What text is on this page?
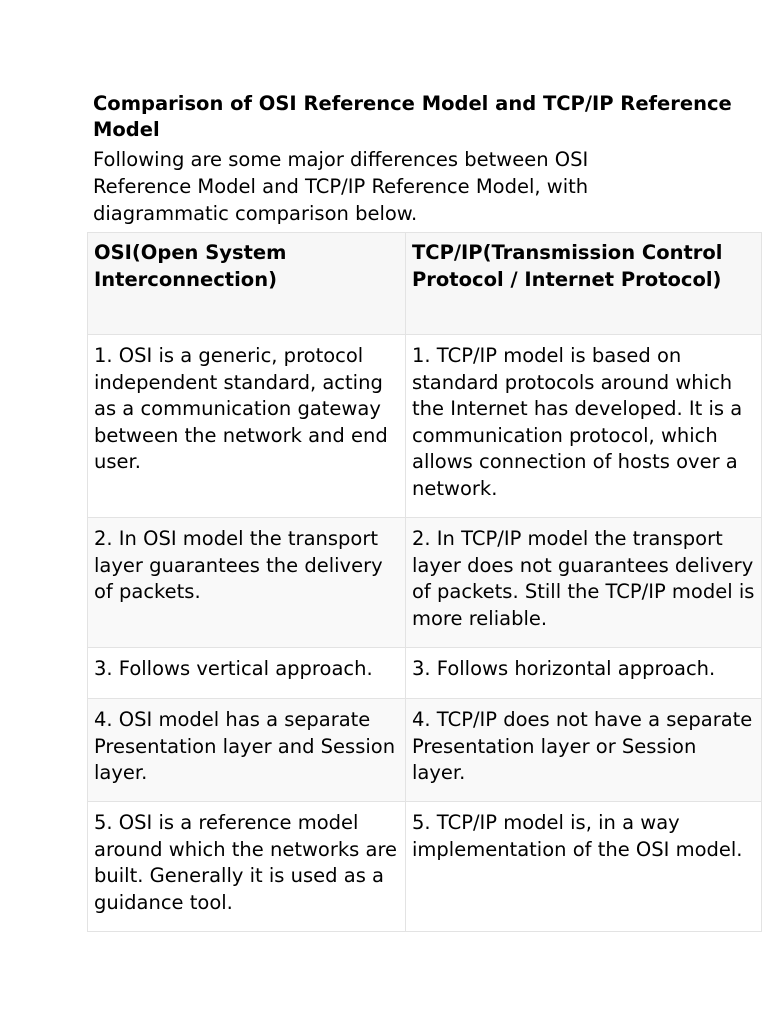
Comparison of OSI Reference Model and TCP/IP Reference Model

Following are some major differences between OSI Reference Model and TCP/IP Reference Model, with diagrammatic comparison below.

OSI(Open System Interconnection)	TCP/IP(Transmission Control Protocol / Internet Protocol)
1. OSI is a generic, protocol independent standard, acting as a communication gateway between the network and end user.	1. TCP/IP model is based on standard protocols around which the Internet has developed. It is a communication protocol, which allows connection of hosts over a network.
2. In OSI model the transport layer guarantees the delivery of packets.	2. In TCP/IP model the transport layer does not guarantees delivery of packets. Still the TCP/IP model is more reliable.
3. Follows vertical approach.	3. Follows horizontal approach.
4. OSI model has a separate Presentation layer and Session layer.	4. TCP/IP does not have a separate Presentation layer or Session layer.
5. OSI is a reference model around which the networks are built. Generally it is used as a guidance tool.	5. TCP/IP model is, in a way implementation of the OSI model.
